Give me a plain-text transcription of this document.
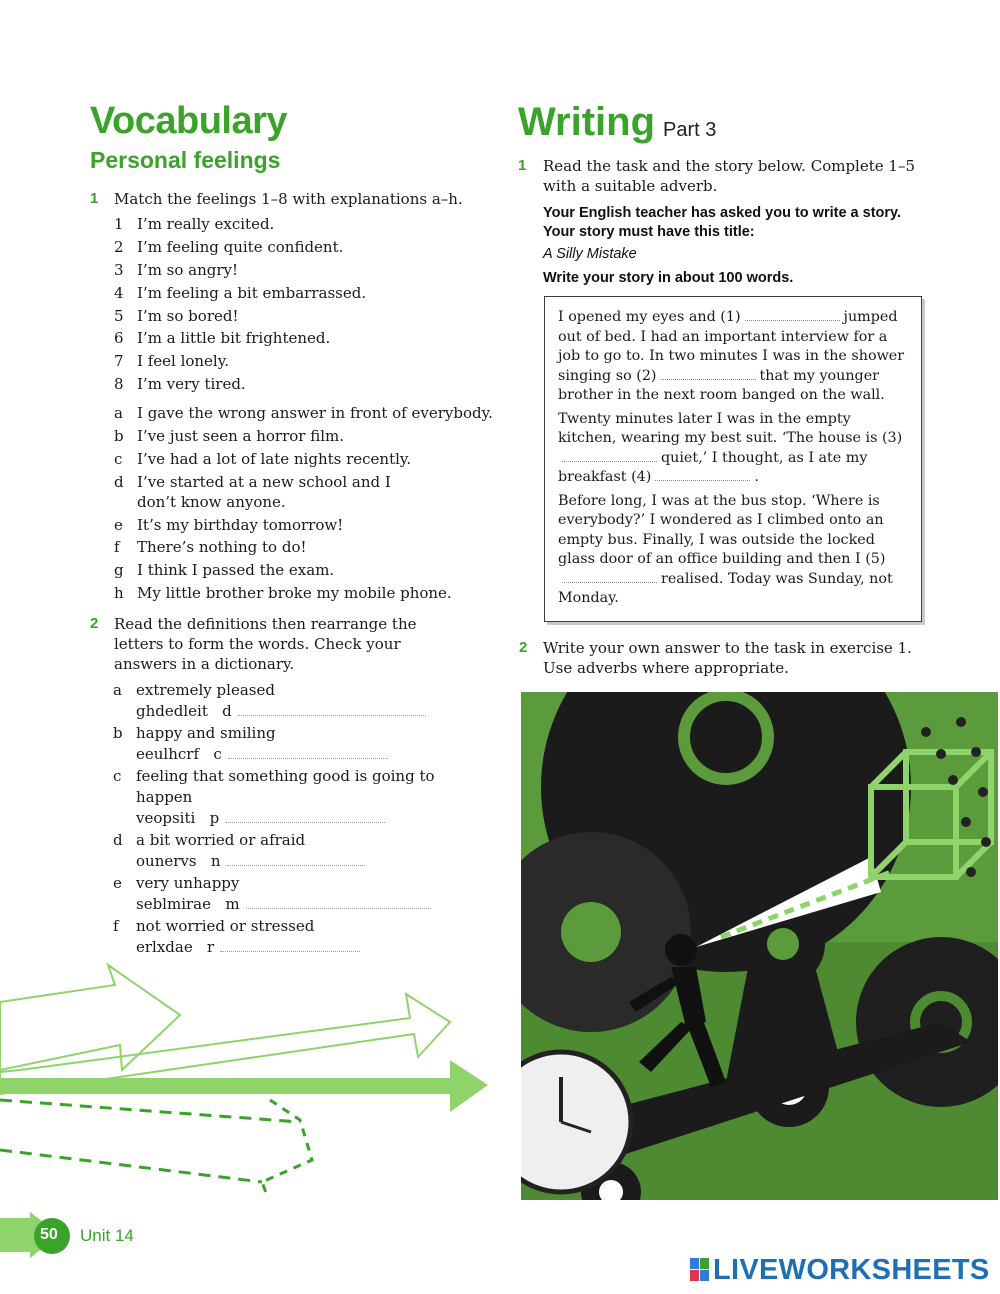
Vocabulary
Personal feelings
1 Match the feelings 1–8 with explanations a–h.
1 I’m really excited.
2 I’m feeling quite confident.
3 I’m so angry!
4 I’m feeling a bit embarrassed.
5 I’m so bored!
6 I’m a little bit frightened.
7 I feel lonely.
8 I’m very tired.
a I gave the wrong answer in front of everybody.
b I’ve just seen a horror film.
c I’ve had a lot of late nights recently.
d I’ve started at a new school and I don’t know anyone.
e It’s my birthday tomorrow!
f	There’s nothing to do!
g I think I passed the exam.
h My little brother broke my mobile phone.
2 Read the definitions then rearrange the letters to form the words. Check your answers in a dictionary.
a extremely pleased
ghdedleit d
b happy and smiling
eeulhcrf c
c feeling that something good is going to happen
veopsiti p
d a bit worried or afraid
ounervs n
e very unhappy
seblmirae m
f	not worried or stressed
erlxdae r
Writing Part 3
1 Read the task and the story below. Complete 1–5 with a suitable adverb.
Your English teacher has asked you to write a story.
Your story must have this title:
A Silly Mistake
Write your story in about 100 words.

I opened my eyes and (1)	jumped out of bed. I had an important interview for a job to go to. In two minutes I was in the shower singing so (2)	that my younger brother in the next room banged on the wall.

Twenty minutes later I was in the empty kitchen, wearing my best suit. ‘The house is (3)quiet,’ I thought, as I ate my breakfast (4)	.

Before long, I was at the bus stop. ‘Where is everybody?’ I wondered as I climbed onto an empty bus. Finally, I was outside the locked glass door of an office building and then I (5)realised. Today was Sunday, not Monday.

2 Write your own answer to the task in exercise 1. Use adverbs where appropriate.
50 Unit 14
LIVEWORKSHEETS
